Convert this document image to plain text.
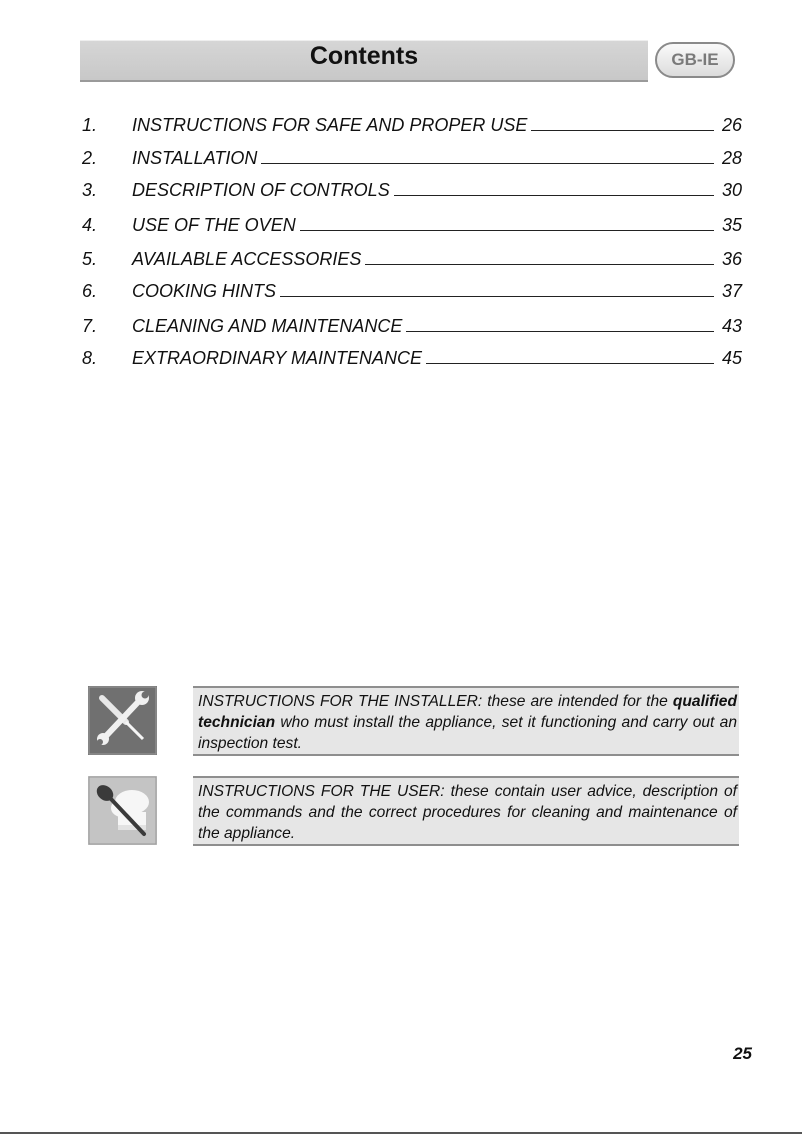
Contents	GB-IE
1. INSTRUCTIONS FOR SAFE AND PROPER USE	26
2. INSTALLATION	28
3. DESCRIPTION OF CONTROLS	30
4. USE OF THE OVEN	35
5. AVAILABLE ACCESSORIES	36
6. COOKING HINTS	37
7. CLEANING AND MAINTENANCE	43
8. EXTRAORDINARY MAINTENANCE	45
INSTRUCTIONS FOR THE INSTALLER: these are intended for the qualified technician who must install the appliance, set it functioning and carry out an inspection test.
INSTRUCTIONS FOR THE USER: these contain user advice, description of the commands and the correct procedures for cleaning and maintenance of the appliance.
25
